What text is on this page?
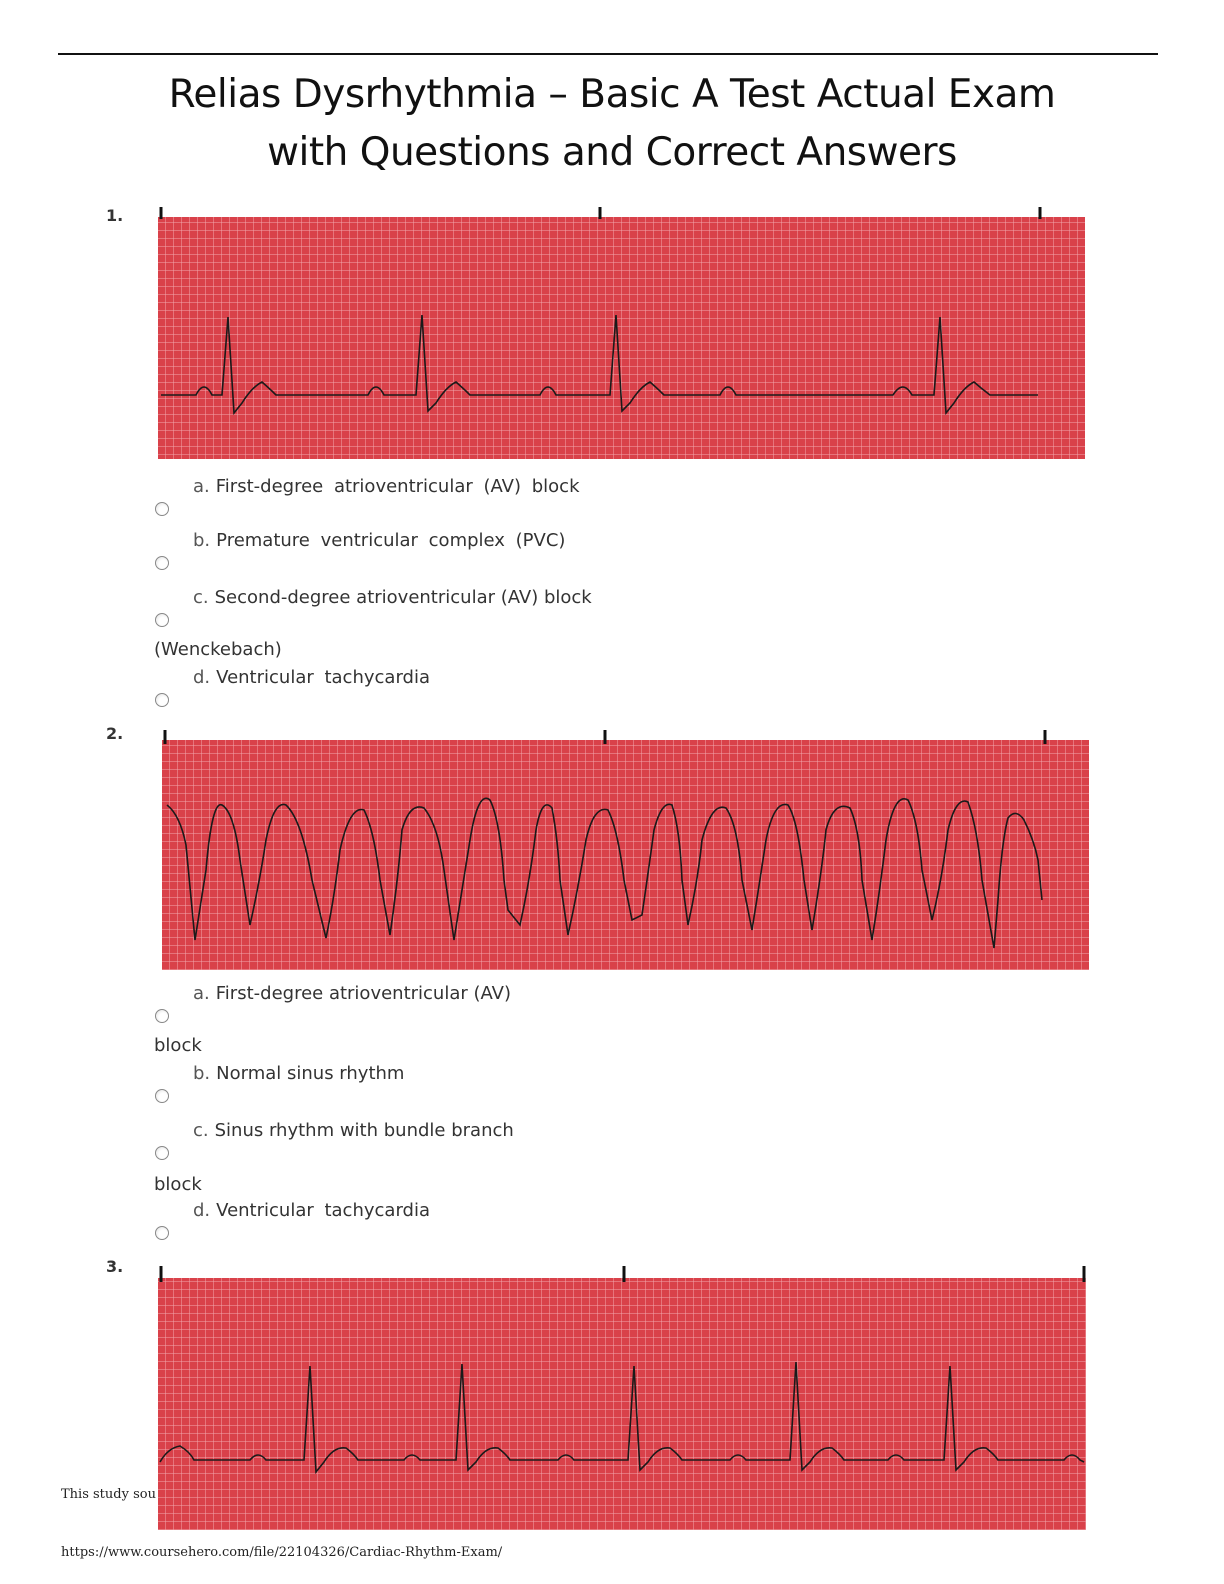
Relias Dysrhythmia – Basic A Test Actual Exam
with Questions and Correct Answers
1.
a. First-degree atrioventricular (AV) block
b. Premature ventricular complex (PVC)
c. Second-degree atrioventricular (AV) block
(Wenckebach)
d. Ventricular tachycardia
2.
a. First-degree atrioventricular (AV)
block
b. Normal sinus rhythm
c. Sinus rhythm with bundle branch
block
d. Ventricular tachycardia
3.
This study sou
https://www.coursehero.com/file/22104326/Cardiac-Rhythm-Exam/
